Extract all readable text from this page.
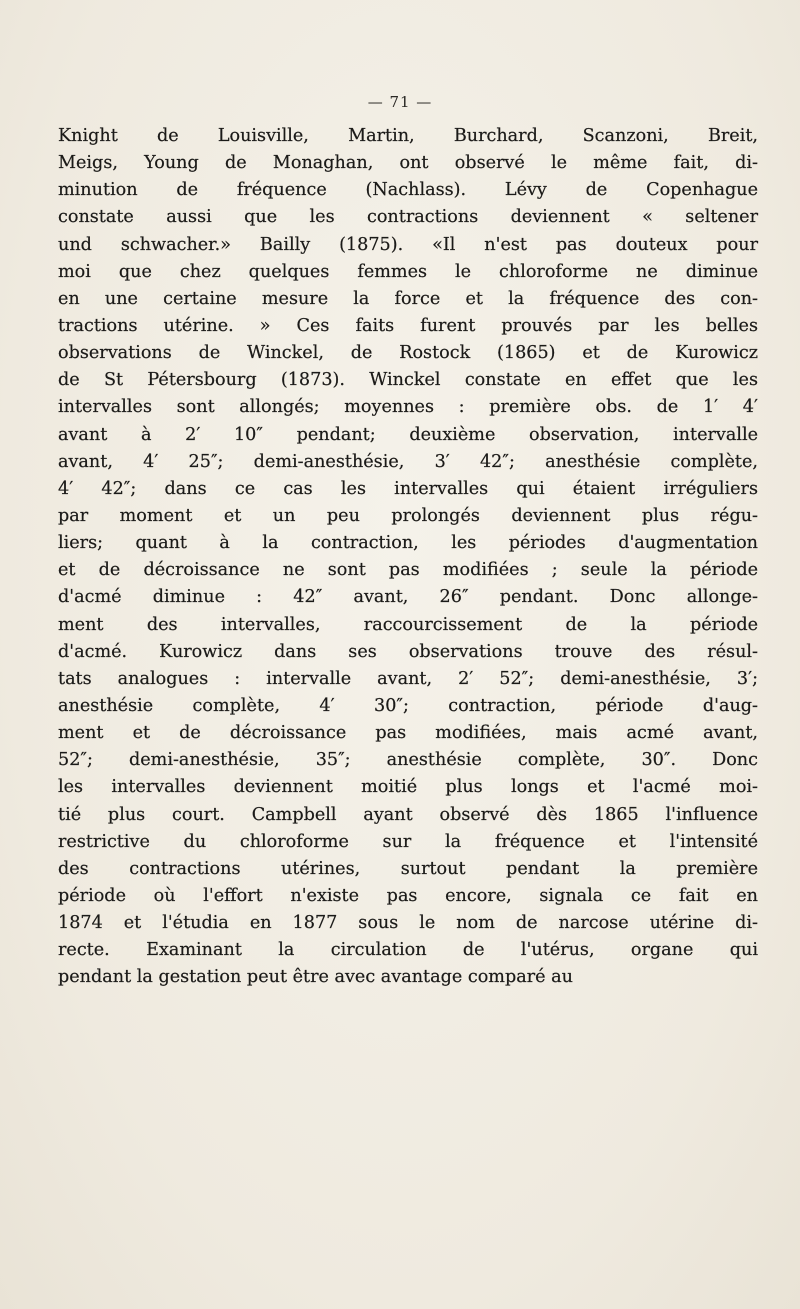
— 71 —
Knight de Louisville, Martin, Burchard, Scanzoni, Breit,
Meigs, Young de Monaghan, ont observé le même fait, di-
minution de fréquence (Nachlass). Lévy de Copenhague
constate aussi que les contractions deviennent « seltener
und schwacher.» Bailly (1875). «Il n'est pas douteux pour
moi que chez quelques femmes le chloroforme ne diminue
en une certaine mesure la force et la fréquence des con-
tractions utérine. » Ces faits furent prouvés par les belles
observations de Winckel, de Rostock (1865) et de Kurowicz
de St Pétersbourg (1873). Winckel constate en effet que les
intervalles sont allongés; moyennes : première obs. de 1′ 4′
avant à 2′ 10″ pendant; deuxième observation, intervalle
avant, 4′ 25″; demi-anesthésie, 3′ 42″; anesthésie complète,
4′ 42″; dans ce cas les intervalles qui étaient irréguliers
par moment et un peu prolongés deviennent plus régu-
liers; quant à la contraction, les périodes d'augmentation
et de décroissance ne sont pas modifiées ; seule la période
d'acmé diminue : 42″ avant, 26″ pendant. Donc allonge-
ment des intervalles, raccourcissement de la période
d'acmé. Kurowicz dans ses observations trouve des résul-
tats analogues : intervalle avant, 2′ 52″; demi-anesthésie, 3′;
anesthésie complète, 4′ 30″; contraction, période d'aug-
ment et de décroissance pas modifiées, mais acmé avant,
52″; demi-anesthésie, 35″; anesthésie complète, 30″. Donc
les intervalles deviennent moitié plus longs et l'acmé moi-
tié plus court. Campbell ayant observé dès 1865 l'influence
restrictive du chloroforme sur la fréquence et l'intensité
des contractions utérines, surtout pendant la première
période où l'effort n'existe pas encore, signala ce fait en
1874 et l'étudia en 1877 sous le nom de narcose utérine di-
recte. Examinant la circulation de l'utérus, organe qui
pendant la gestation peut être avec avantage comparé au
